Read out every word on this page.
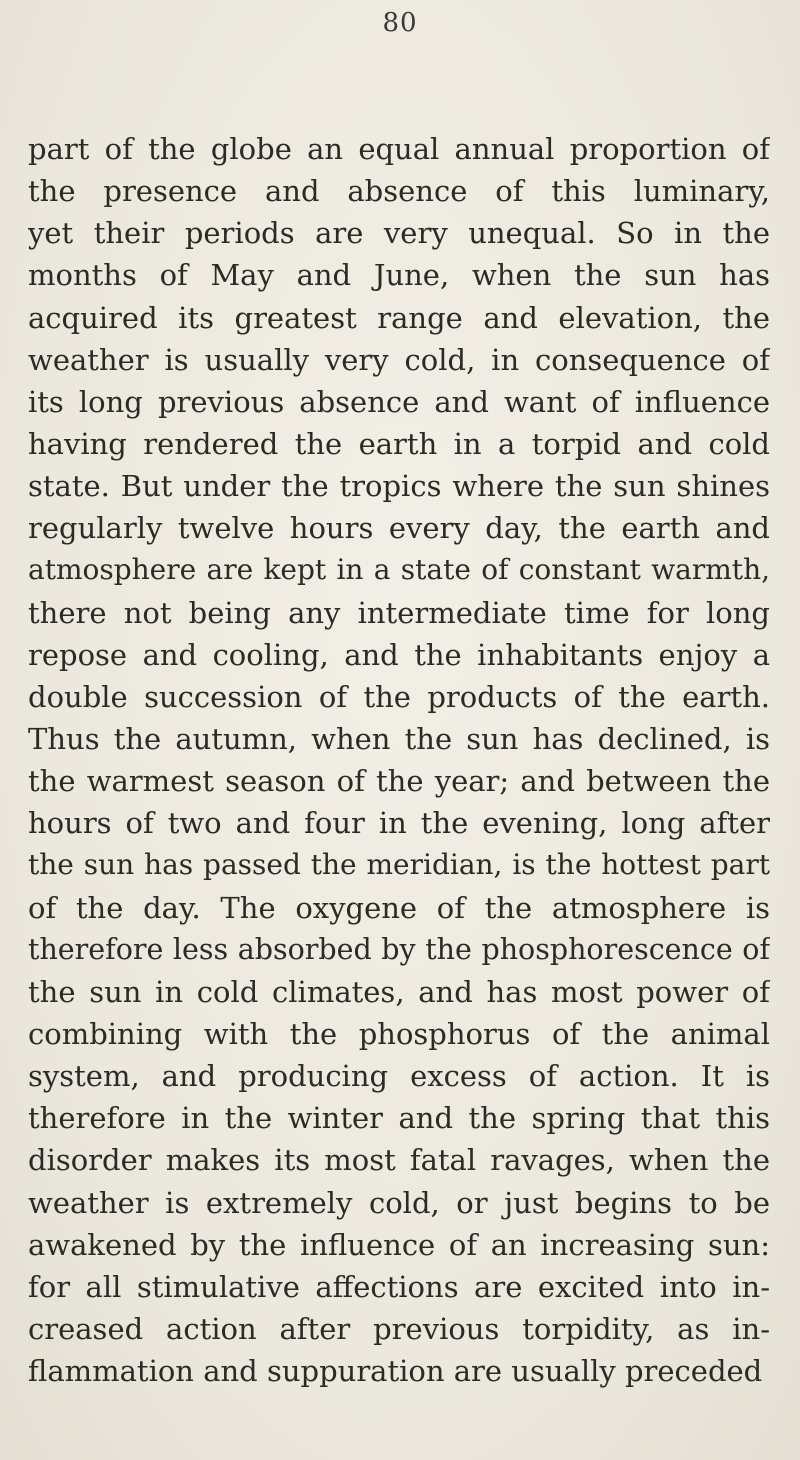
80
part of the globe an equal annual proportion of
the presence and absence of this luminary,
yet their periods are very unequal. So in the
months of May and June, when the sun has
acquired its greatest range and elevation, the
weather is usually very cold, in consequence of
its long previous absence and want of influence
having rendered the earth in a torpid and cold
state. But under the tropics where the sun shines
regularly twelve hours every day, the earth and
atmosphere are kept in a state of constant warmth,
there not being any intermediate time for long
repose and cooling, and the inhabitants enjoy a
double succession of the products of the earth.
Thus the autumn, when the sun has declined, is
the warmest season of the year; and between the
hours of two and four in the evening, long after
the sun has passed the meridian, is the hottest part
of the day. The oxygene of the atmosphere is
therefore less absorbed by the phosphorescence of
the sun in cold climates, and has most power of
combining with the phosphorus of the animal
system, and producing excess of action. It is
therefore in the winter and the spring that this
disorder makes its most fatal ravages, when the
weather is extremely cold, or just begins to be
awakened by the influence of an increasing sun:
for all stimulative affections are excited into in-
creased action after previous torpidity, as in-
flammation and suppuration are usually preceded
